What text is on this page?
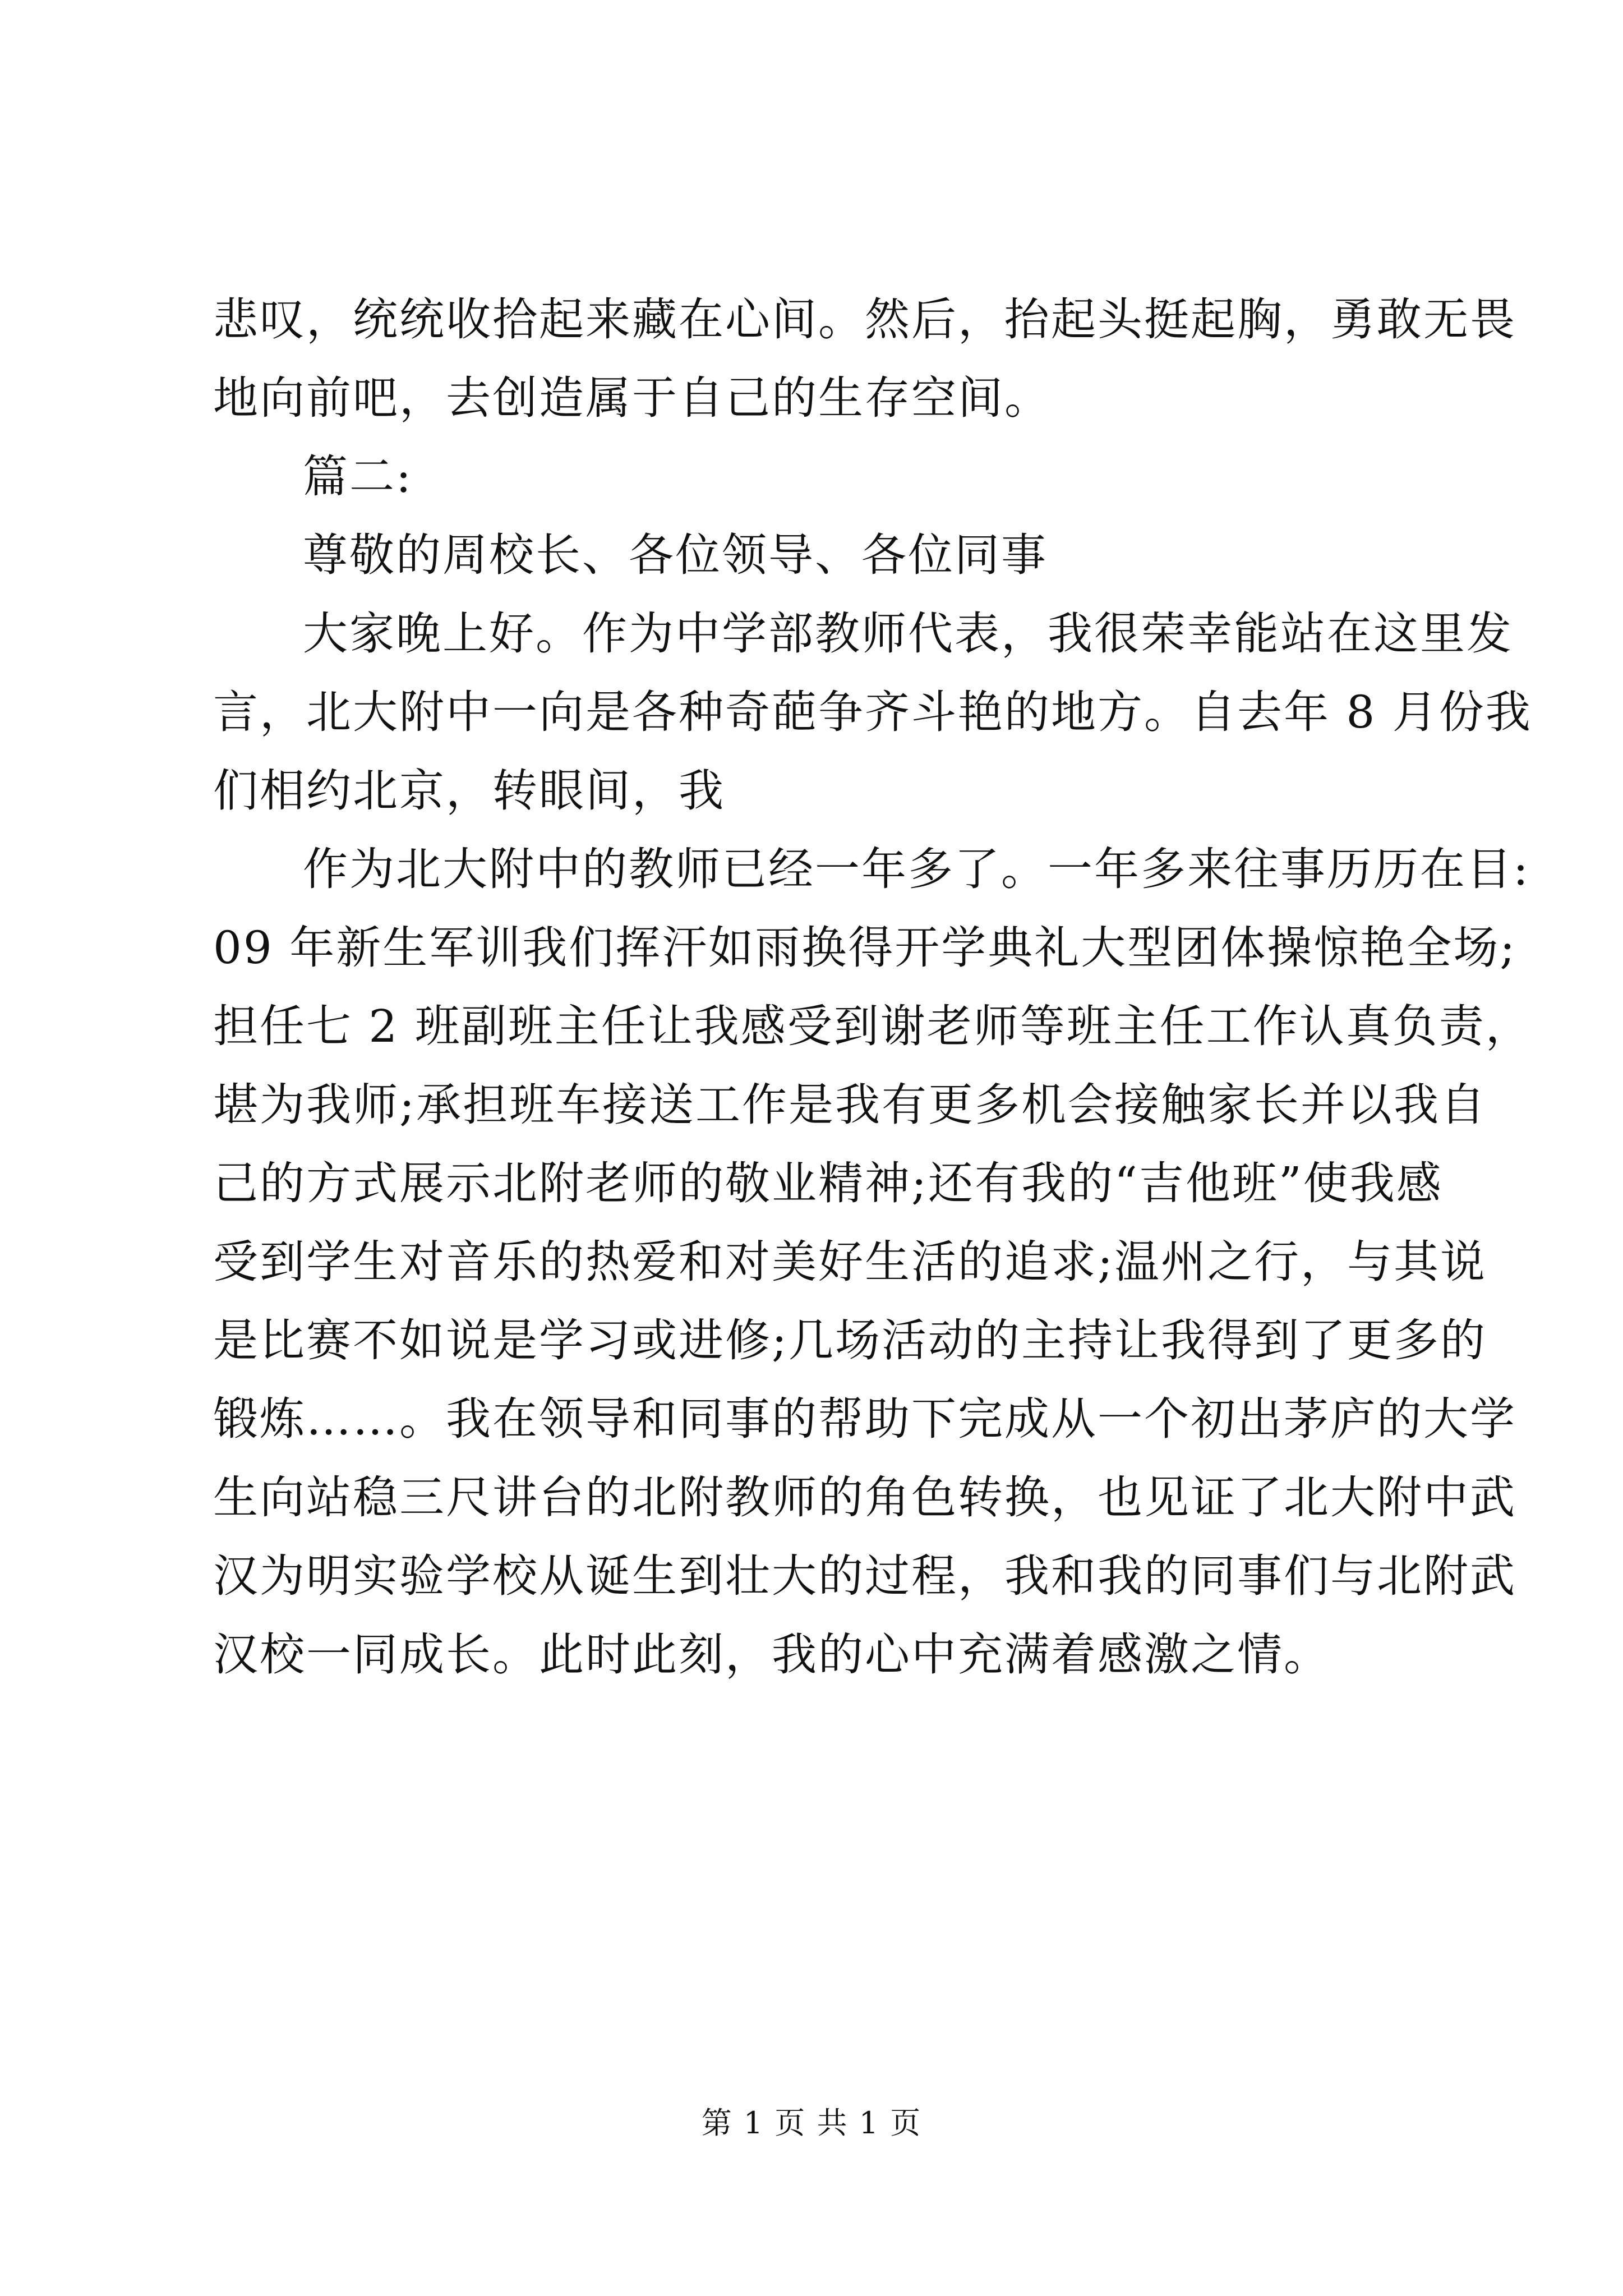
悲叹，统统收拾起来藏在心间。然后，抬起头挺起胸，勇敢无畏
地向前吧，去创造属于自己的生存空间。
篇二:
尊敬的周校长、各位领导、各位同事
大家晚上好。作为中学部教师代表，我很荣幸能站在这里发
言，北大附中一向是各种奇葩争齐斗艳的地方。自去年 8 月份我
们相约北京，转眼间，我
作为北大附中的教师已经一年多了。一年多来往事历历在目:
09 年新生军训我们挥汗如雨换得开学典礼大型团体操惊艳全场;
担任七 2 班副班主任让我感受到谢老师等班主任工作认真负责，
堪为我师;承担班车接送工作是我有更多机会接触家长并以我自
己的方式展示北附老师的敬业精神;还有我的“吉他班”使我感
受到学生对音乐的热爱和对美好生活的追求;温州之行，与其说
是比赛不如说是学习或进修;几场活动的主持让我得到了更多的
锻炼……。我在领导和同事的帮助下完成从一个初出茅庐的大学
生向站稳三尺讲台的北附教师的角色转换，也见证了北大附中武
汉为明实验学校从诞生到壮大的过程，我和我的同事们与北附武
汉校一同成长。此时此刻，我的心中充满着感激之情。
第 1 页 共 1 页
